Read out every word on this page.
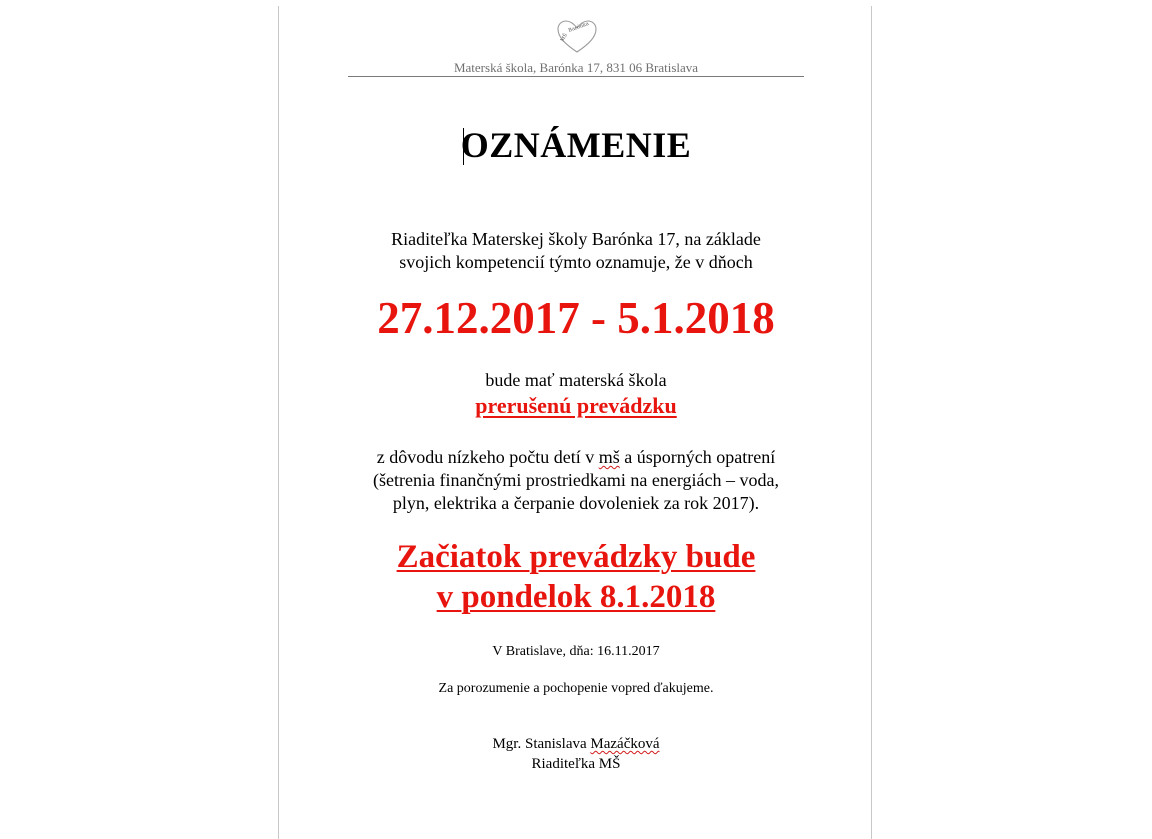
Barónka
MŠ
Materská škola, Barónka 17, 831 06 Bratislava
OZNÁMENIE
Riaditeľka Materskej školy Barónka 17, na základe
svojich kompetencií týmto oznamuje, že v dňoch
27.12.2017 - 5.1.2018
bude mať materská škola
prerušenú prevádzku
z dôvodu nízkeho počtu detí v mš a úsporných opatrení
(šetrenia finančnými prostriedkami na energiách – voda,
plyn, elektrika a čerpanie dovoleniek za rok 2017).
Začiatok prevádzky bude
v pondelok 8.1.2018
V Bratislave, dňa: 16.11.2017
Za porozumenie a pochopenie vopred ďakujeme.
Mgr. Stanislava Mazáčková
Riaditeľka MŠ
